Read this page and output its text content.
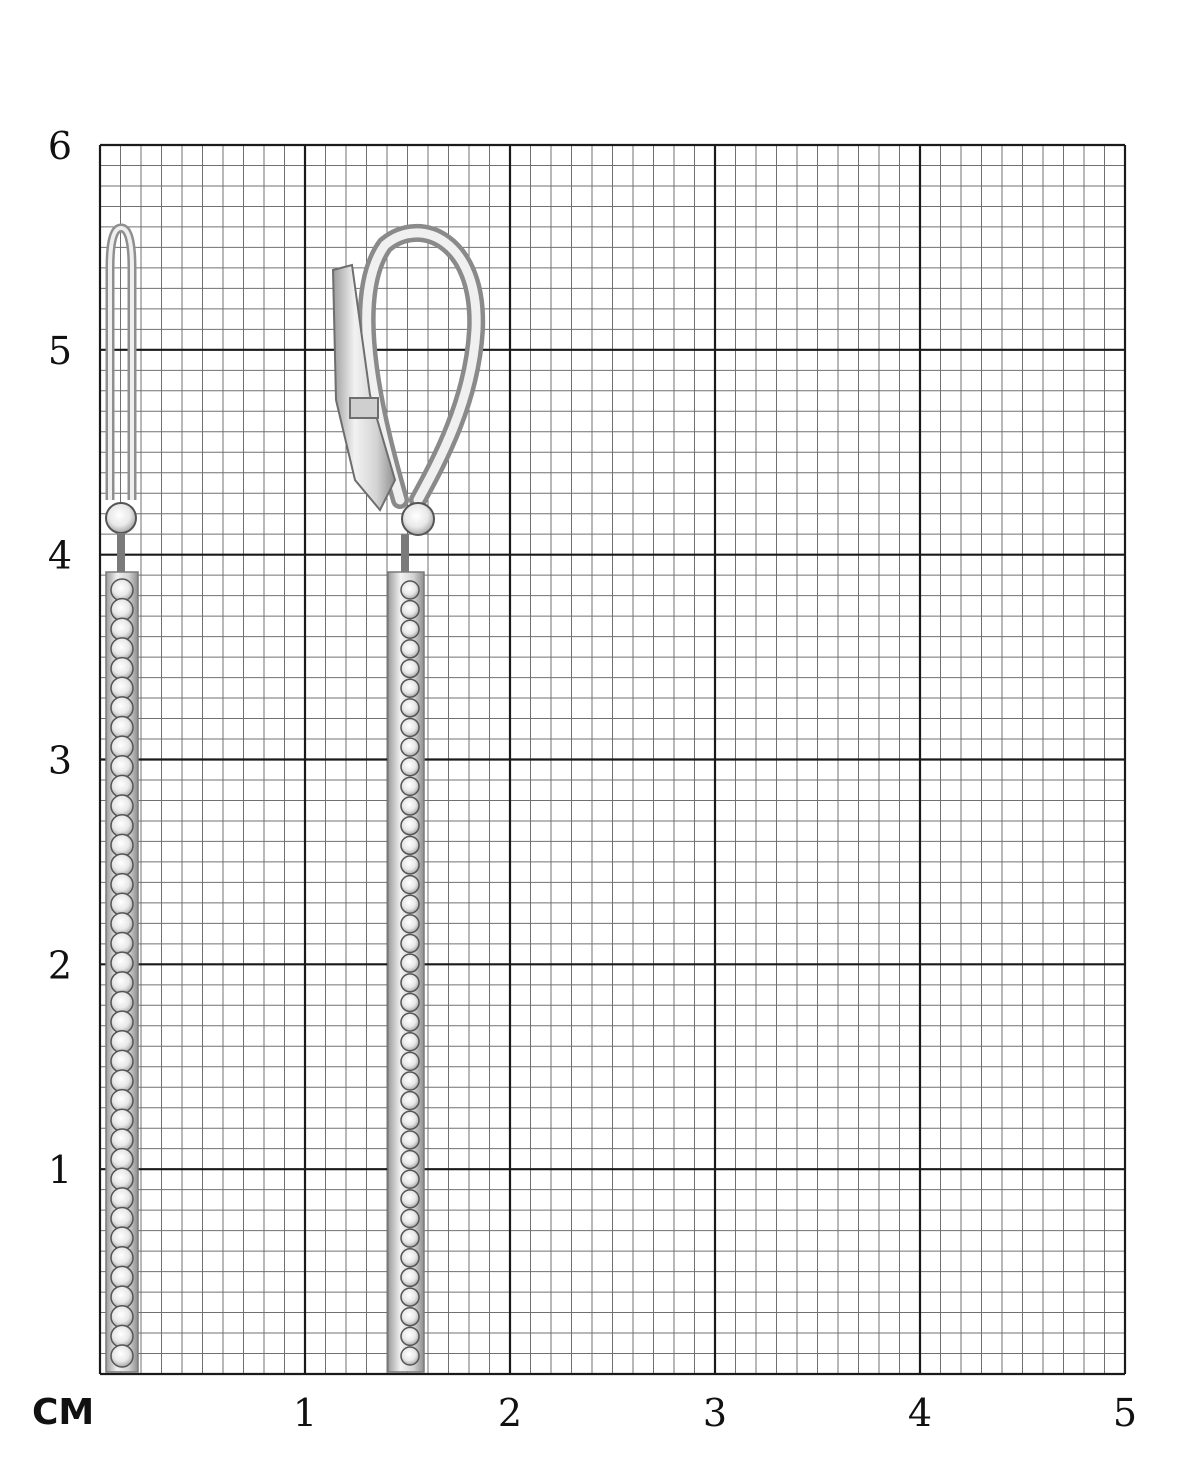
6
5
4
3
2
1
1	2	3	4	5
CM
